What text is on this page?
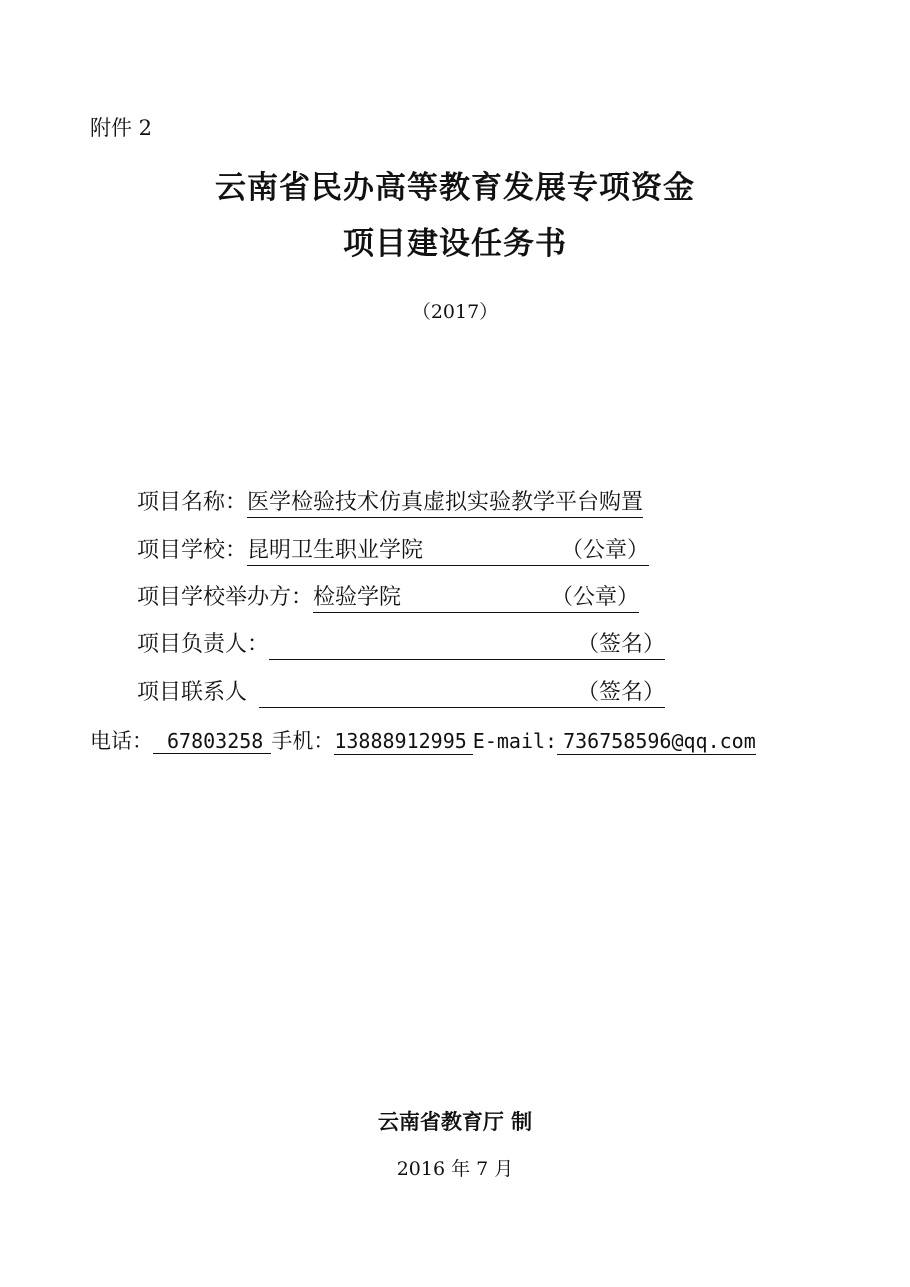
附件 2
云南省民办高等教育发展专项资金
项目建设任务书
（2017）
项目名称：医学检验技术仿真虚拟实验教学平台购置
项目学校：昆明卫生职业学院	（公章）
项目学校举办方：检验学院	（公章）
项目负责人：	（签名）
项目联系人	（签名）
电话： 67803258 手机：13888912995 E-mail: 736758596@qq.com
云南省教育厅 制
2016 年 7 月
